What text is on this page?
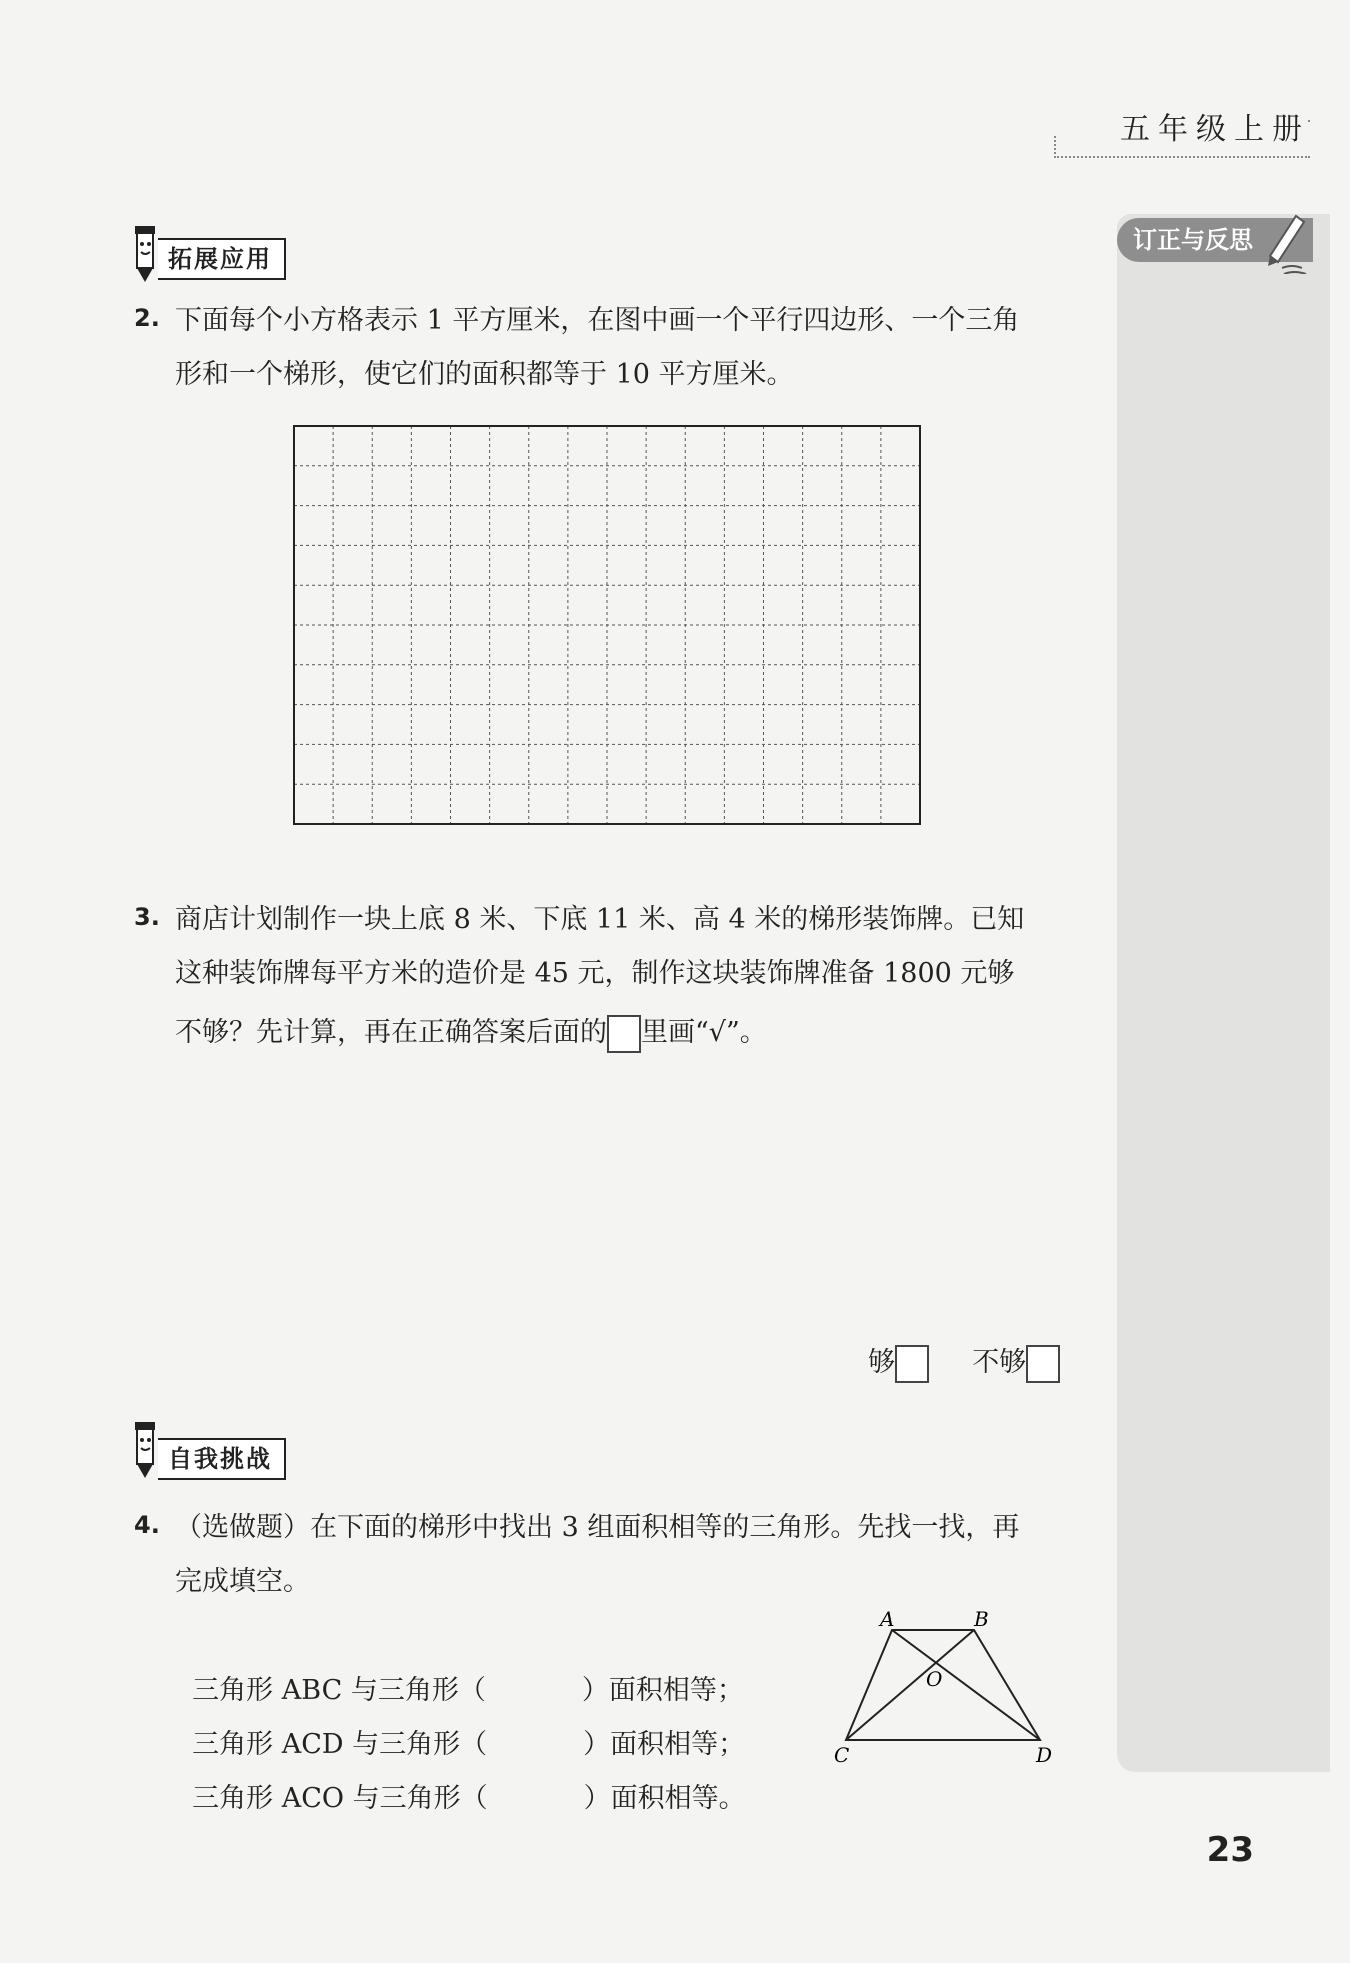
五年级上册
订正与反思
拓展应用
2. 下面每个小方格表示 1 平方厘米，在图中画一个平行四边形、一个三角
形和一个梯形，使它们的面积都等于 10 平方厘米。
3. 商店计划制作一块上底 8 米、下底 11 米、高 4 米的梯形装饰牌。已知
这种装饰牌每平方米的造价是 45 元，制作这块装饰牌准备 1800 元够
不够？先计算，再在正确答案后面的 里画“√”。
够	不够
自我挑战
4. （选做题）在下面的梯形中找出 3 组面积相等的三角形。先找一找，再
完成填空。

三角形 ABC 与三角形（	）面积相等；

三角形 ACD 与三角形（	）面积相等；

三角形 ACO 与三角形（	）面积相等。

A	B
C	D
O
23
